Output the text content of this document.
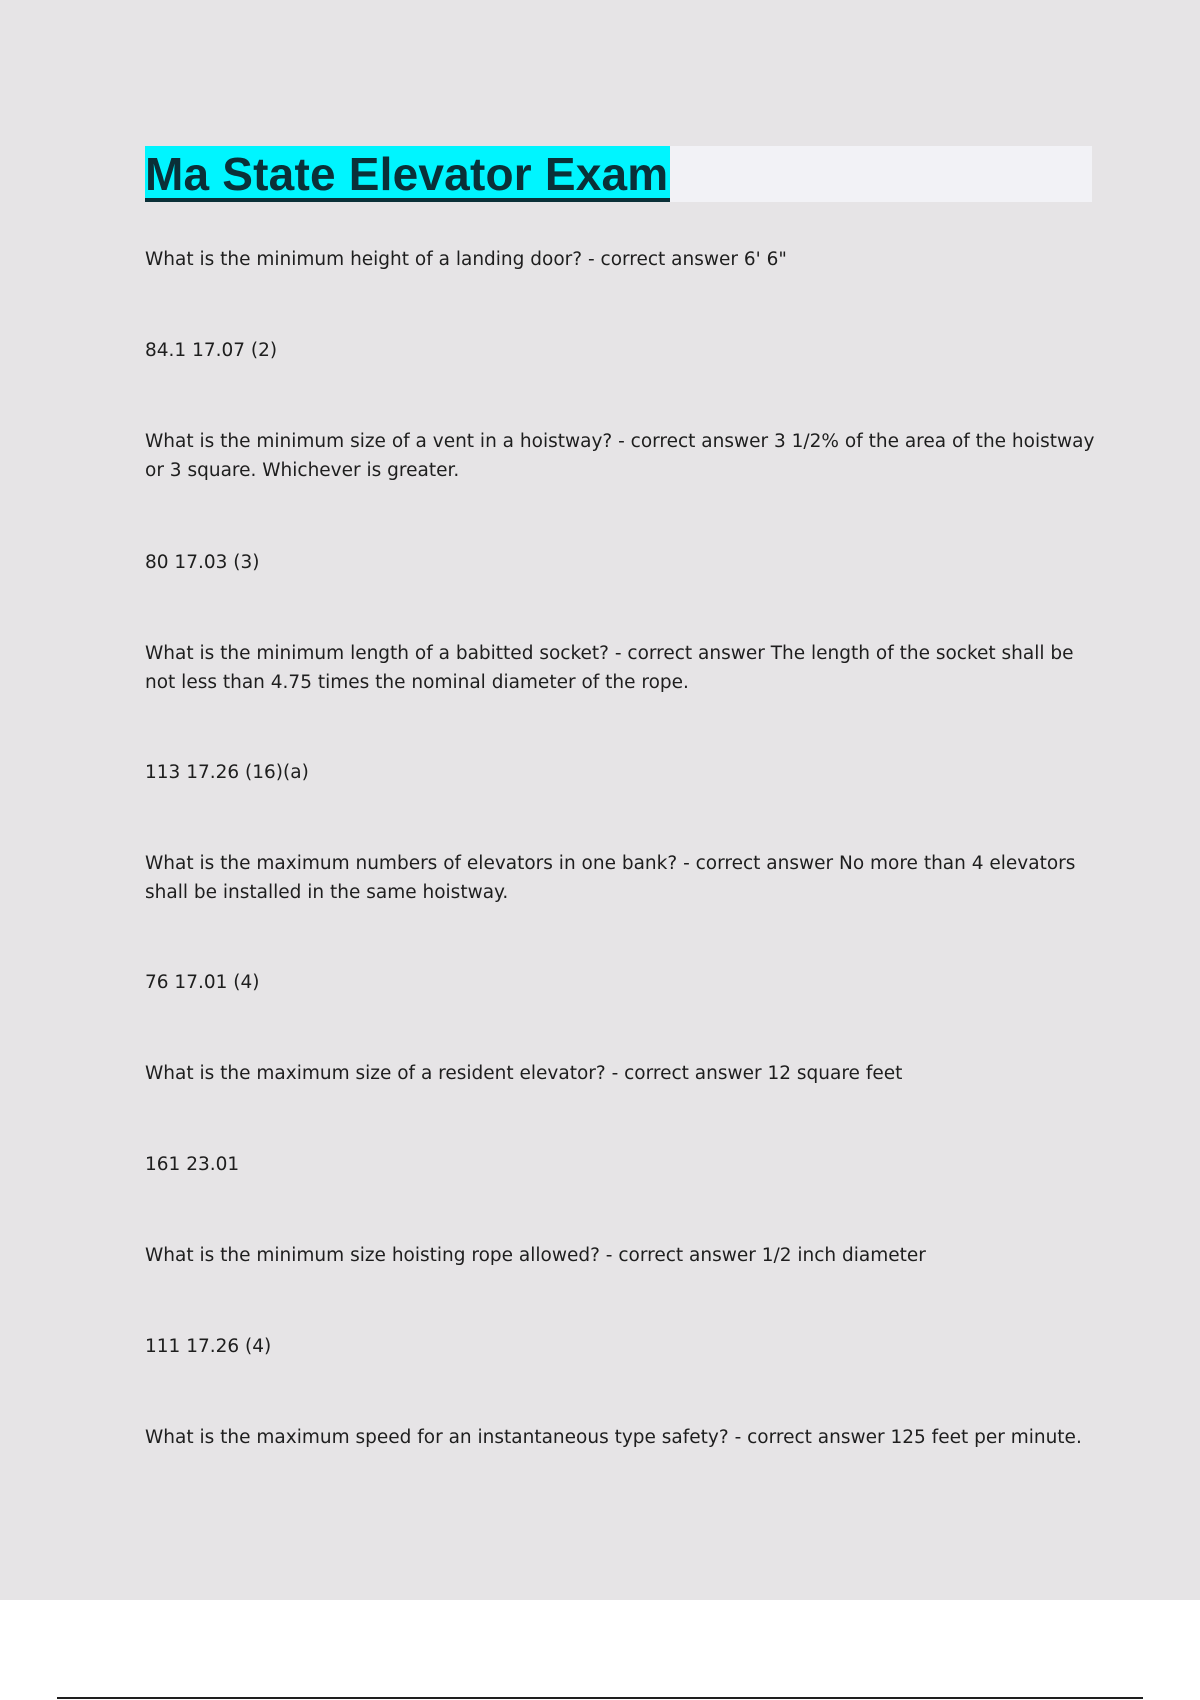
Ma State Elevator Exam

What is the minimum height of a landing door? - correct answer 6' 6"

84.1 17.07 (2)

What is the minimum size of a vent in a hoistway? - correct answer 3 1/2% of the area of the hoistway or 3 square. Whichever is greater.

80 17.03 (3)

What is the minimum length of a babitted socket? - correct answer The length of the socket shall be not less than 4.75 times the nominal diameter of the rope.

113 17.26 (16)(a)

What is the maximum numbers of elevators in one bank? - correct answer No more than 4 elevators shall be installed in the same hoistway.

76 17.01 (4)

What is the maximum size of a resident elevator? - correct answer 12 square feet

161 23.01

What is the minimum size hoisting rope allowed? - correct answer 1/2 inch diameter

111 17.26 (4)

What is the maximum speed for an instantaneous type safety? - correct answer 125 feet per minute.
